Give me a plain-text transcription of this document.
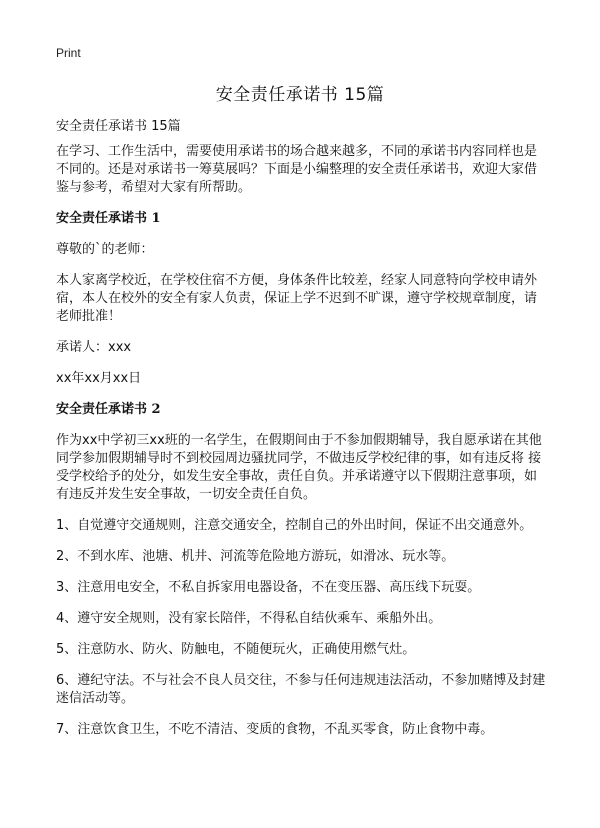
Print
安全责任承诺书 15篇

安全责任承诺书 15篇

在学习、工作生活中，需要使用承诺书的场合越来越多，不同的承诺书内容同样也是不同的。还是对承诺书一筹莫展吗？下面是小编整理的安全责任承诺书，欢迎大家借鉴与参考，希望对大家有所帮助。

安全责任承诺书 1

尊敬的`的老师：

本人家离学校近，在学校住宿不方便，身体条件比较差，经家人同意特向学校申请外宿，本人在校外的安全有家人负责，保证上学不迟到不旷课，遵守学校规章制度，请老师批准！

承诺人：xxx

xx年xx月xx日

安全责任承诺书 2

作为xx中学初三xx班的一名学生，在假期间由于不参加假期辅导，我自愿承诺在其他同学参加假期辅导时不到校园周边骚扰同学，不做违反学校纪律的事，如有违反将 接受学校给予的处分，如发生安全事故，责任自负。并承诺遵守以下假期注意事项，如有违反并发生安全事故，一切安全责任自负。

1、自觉遵守交通规则，注意交通安全，控制自己的外出时间，保证不出交通意外。
2、不到水库、池塘、机井、河流等危险地方游玩，如滑冰、玩水等。
3、注意用电安全，不私自拆家用电器设备，不在变压器、高压线下玩耍。
4、遵守安全规则，没有家长陪伴，不得私自结伙乘车、乘船外出。
5、注意防水、防火、防触电，不随便玩火，正确使用燃气灶。
6、遵纪守法。不与社会不良人员交往，不参与任何违规违法活动，不参加赌博及封建迷信活动等。
7、注意饮食卫生，不吃不清洁、变质的食物，不乱买零食，防止食物中毒。
